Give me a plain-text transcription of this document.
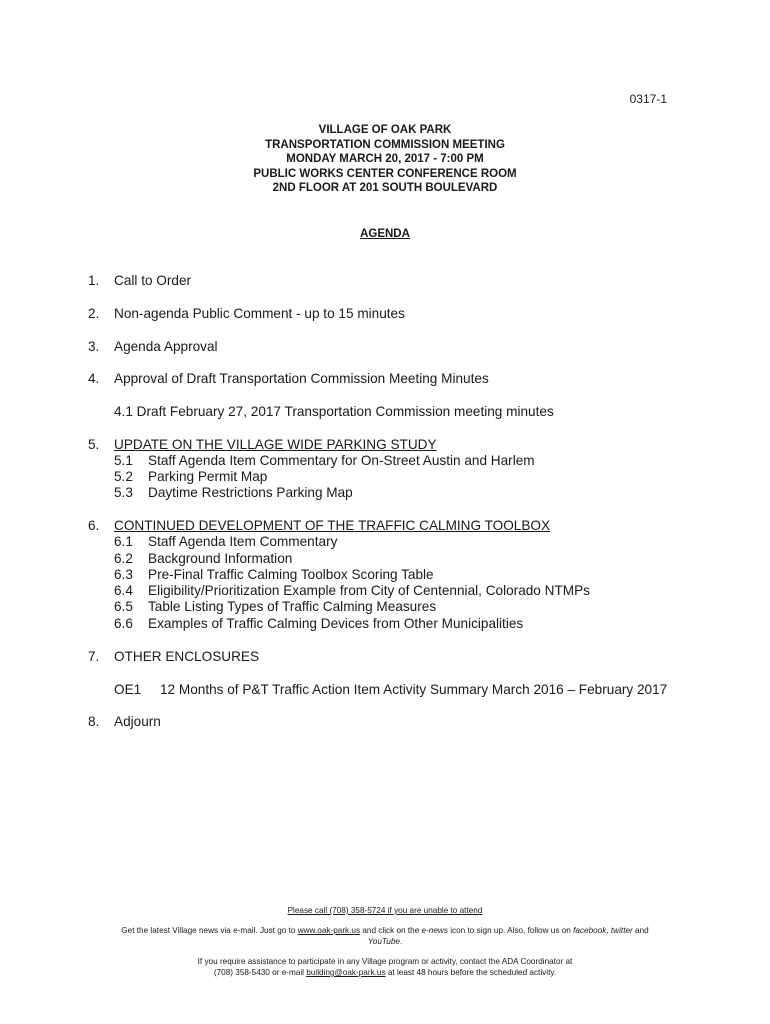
0317-1
VILLAGE OF OAK PARK
TRANSPORTATION COMMISSION MEETING
MONDAY MARCH 20, 2017 - 7:00 PM
PUBLIC WORKS CENTER CONFERENCE ROOM
2ND FLOOR AT 201 SOUTH BOULEVARD
AGENDA
1. Call to Order
2. Non-agenda Public Comment - up to 15 minutes
3. Agenda Approval
4. Approval of Draft Transportation Commission Meeting Minutes
4.1 Draft February 27, 2017 Transportation Commission meeting minutes
5. UPDATE ON THE VILLAGE WIDE PARKING STUDY
5.1 Staff Agenda Item Commentary for On-Street Austin and Harlem
5.2 Parking Permit Map
5.3 Daytime Restrictions Parking Map
6. CONTINUED DEVELOPMENT OF THE TRAFFIC CALMING TOOLBOX
6.1 Staff Agenda Item Commentary
6.2 Background Information
6.3 Pre-Final Traffic Calming Toolbox Scoring Table
6.4 Eligibility/Prioritization Example from City of Centennial, Colorado NTMPs
6.5 Table Listing Types of Traffic Calming Measures
6.6 Examples of Traffic Calming Devices from Other Municipalities
7. OTHER ENCLOSURES
OE1 12 Months of P&T Traffic Action Item Activity Summary March 2016 – February 2017
8. Adjourn
Please call (708) 358-5724 if you are unable to attend
Get the latest Village news via e-mail. Just go to www.oak-park.us and click on the e-news icon to sign up. Also, follow us on facebook, twitter and
YouTube.
If you require assistance to participate in any Village program or activity, contact the ADA Coordinator at
(708) 358-5430 or e-mail building@oak-park.us at least 48 hours before the scheduled activity.
